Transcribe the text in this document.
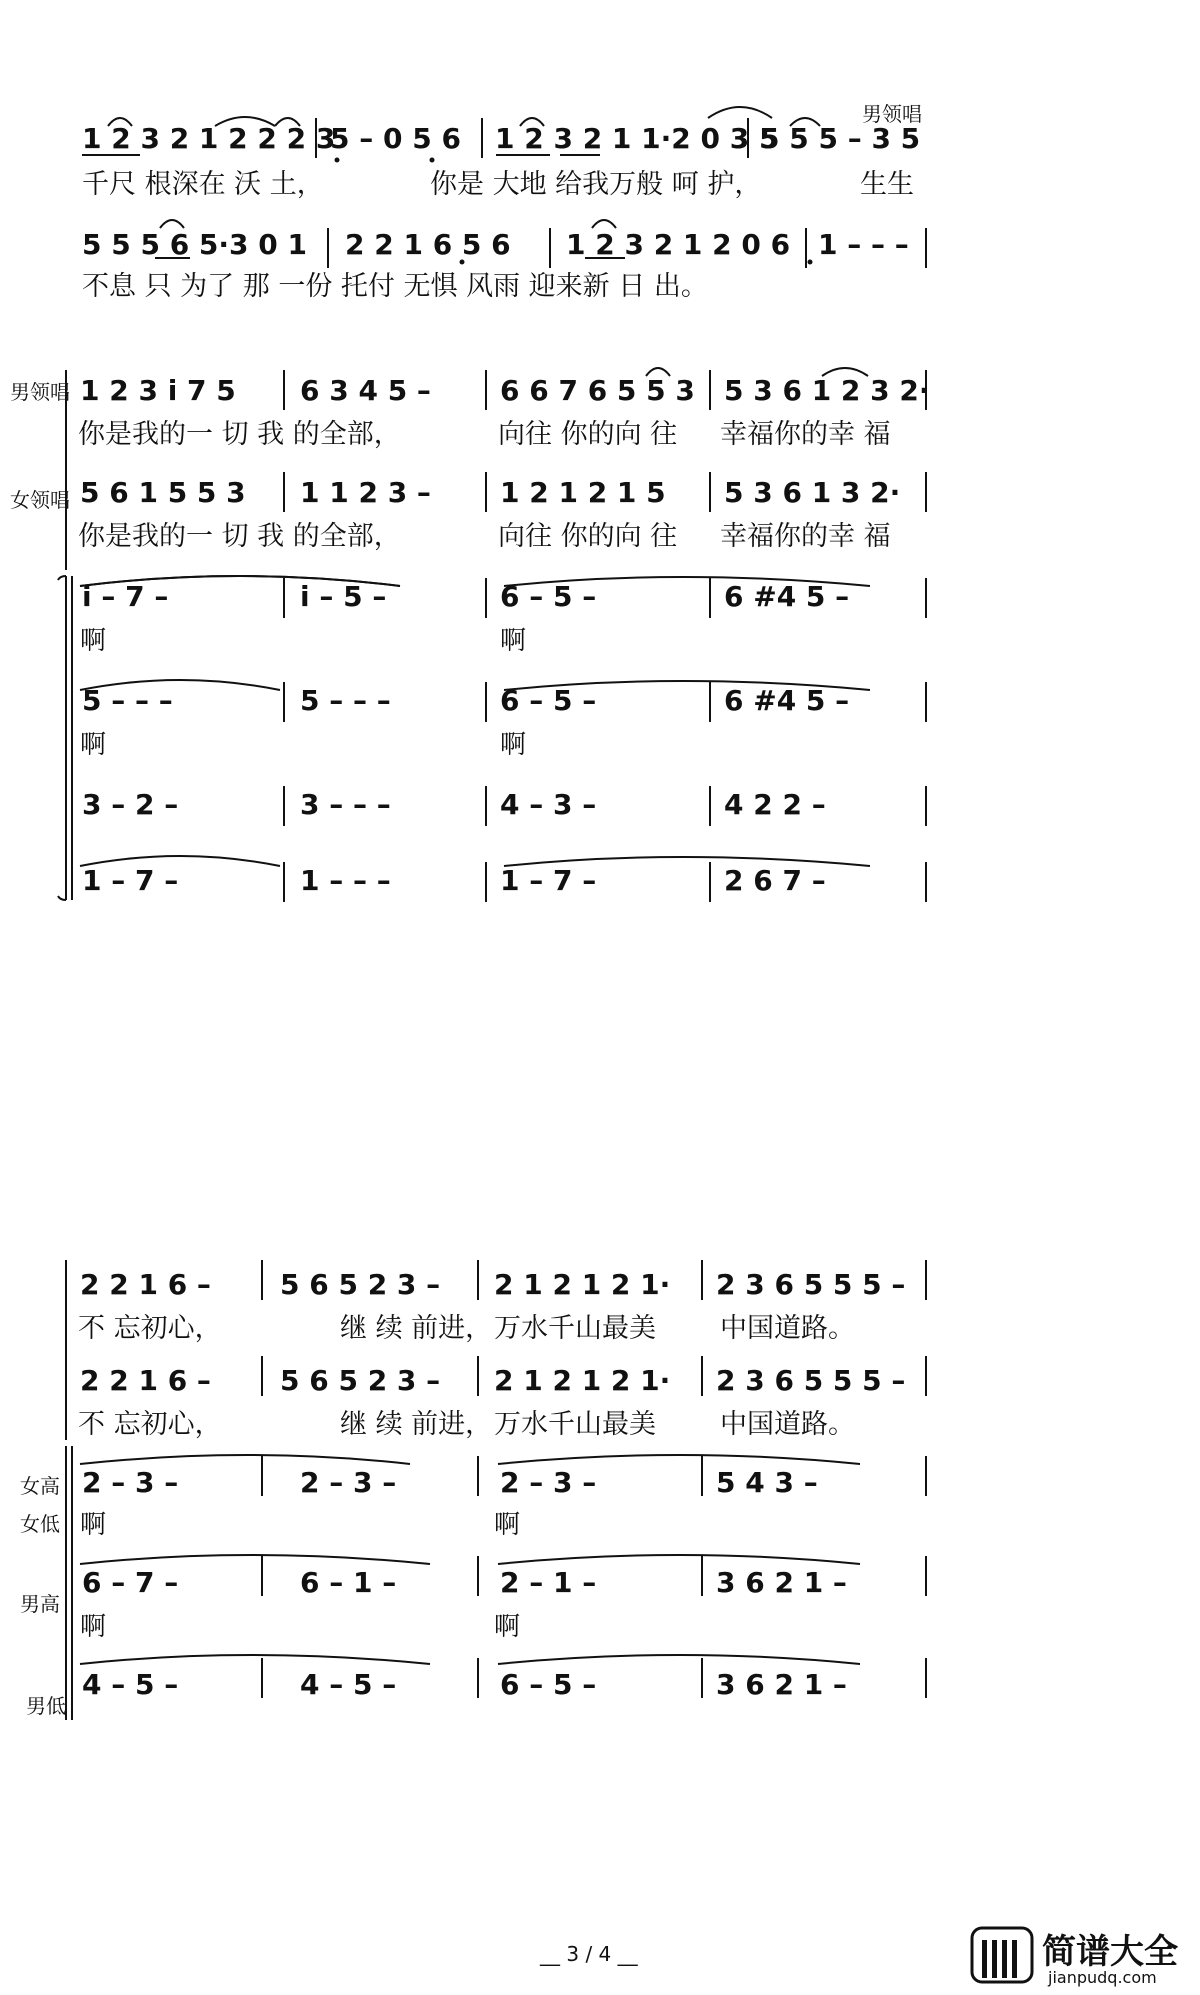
男领唱
1 2 3 2 1 2 2 2 3
5 – 0 5 6 1 2 3 2 1 1·2 0 3 5
5 5 5 – 3 5
千尺 根深在 沃 土，	你是 大地 给我万般 呵 护，	生生
5 5 5 6 5·3 0 1 2 2 1 6 5 6 1 2 3 2 1 2 0 6 1 – – –
不息 只 为了 那 一份 托付 无惧 风雨 迎来新 日 出。
男领唱
女领唱
1 2 3 i 7 5 6 3 4 5 – 6 6 7 6 5 5 3 5 3 6 1 2 3 2·
你是我的一 切 我 的全部，	向往 你的向 往 幸福你的幸 福
5 6 1 5 5 3 1 1 2 3 – 1 2 1 2 1 5 5 3 6 1 3 2·
你是我的一 切 我 的全部，	向往 你的向 往 幸福你的幸 福
i – 7 –	i – 5 –	6 – 5 –	6 #4 5 –
啊	啊
5 – – –	5 – – –	6 – 5 –	6 #4 5 –
啊	啊
3 – 2 –	3 – – –	4 – 3 –	4 2 2 –
1 – 7 –	1 – – –	1 – 7 –	2 6 7 –
2 2 1 6 – 5 6 5 2 3 – 2 1 2 1 2 1· 2 3 6 5 5 5 –
不 忘初心，	继 续 前进， 万水千山最美 中国道路。
2 2 1 6 – 5 6 5 2 3 – 2 1 2 1 2 1· 2 3 6 5 5 5 –
不 忘初心，	继 续 前进， 万水千山最美 中国道路。
女高
女低
男高
男低
2 – 3 –	2 – 3 –	2 – 3 –	5 4 3 –
啊	啊
6 – 7 –	6 – 1 –	2 – 1 –	3 6 2 1 –
啊	啊
4 – 5 –	4 – 5 –	6 – 5 –	3 6 2 1 –
__ 3 / 4 __	简谱大全
jianpudq.com
